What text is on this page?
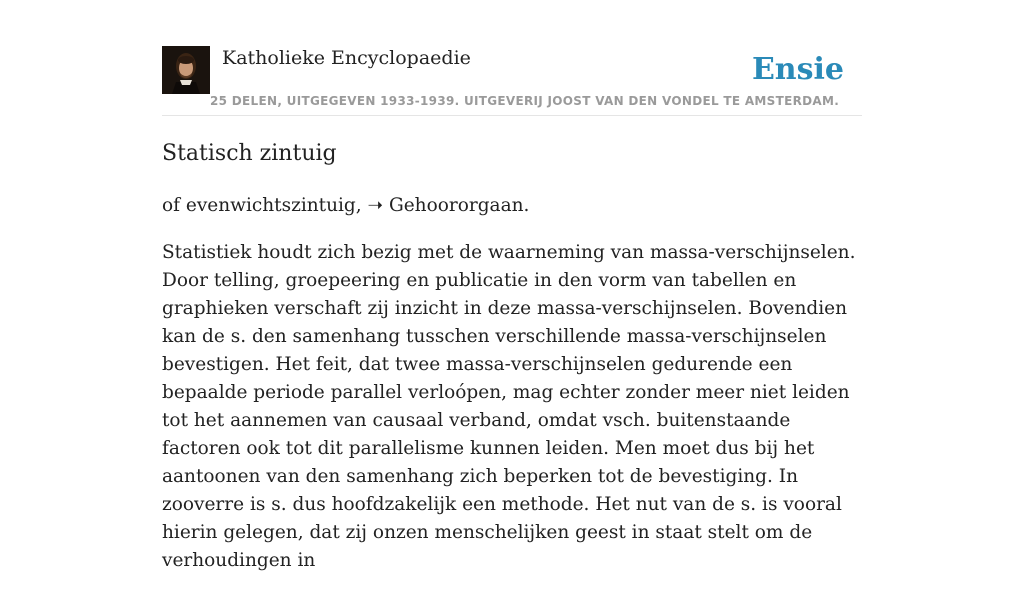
Katholieke Encyclopaedie
25 DELEN, UITGEGEVEN 1933-1939. UITGEVERIJ JOOST VAN DEN VONDEL TE AMSTERDAM.
Ensie
Statisch zintuig

of evenwichtszintuig, ➝ Gehoororgaan.

Statistiek houdt zich bezig met de waarneming van massa-verschijnselen. Door telling, groepeering en publicatie in den vorm van tabellen en graphieken verschaft zij inzicht in deze massa-verschijnselen. Bovendien kan de s. den samenhang tusschen verschillende massa-verschijnselen bevestigen. Het feit, dat twee massa-verschijnselen gedurende een bepaalde periode parallel verloópen, mag echter zonder meer niet leiden tot het aannemen van causaal verband, omdat vsch. buitenstaande factoren ook tot dit parallelisme kunnen leiden. Men moet dus bij het aantoonen van den samenhang zich beperken tot de bevestiging. In zooverre is s. dus hoofdzakelijk een methode. Het nut van de s. is vooral hierin gelegen, dat zij onzen menschelijken geest in staat stelt om de verhoudingen in
